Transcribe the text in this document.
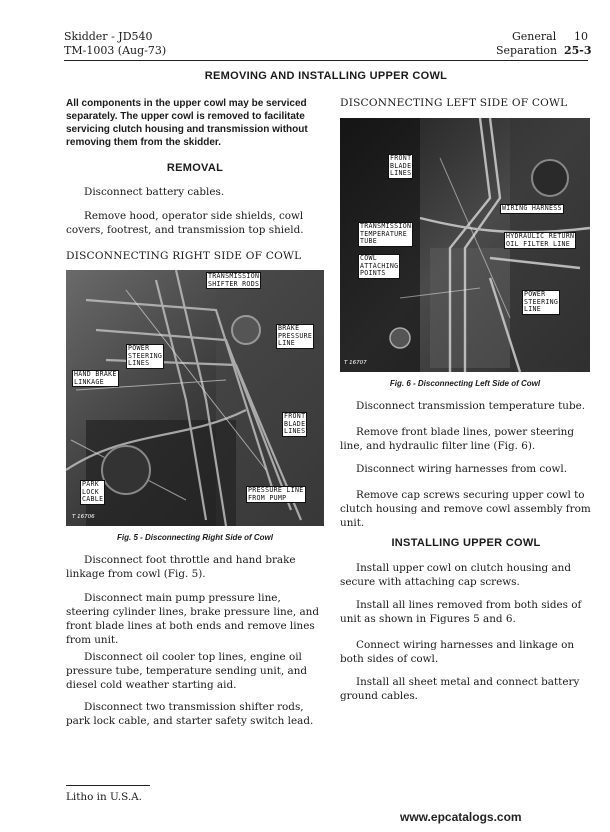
Skidder - JD540
TM-1003 (Aug-73)
General 10
Separation 25-3
REMOVING AND INSTALLING UPPER COWL
All components in the upper cowl may be serviced separately. The upper cowl is removed to facilitate servicing clutch housing and transmission without removing them from the skidder.
REMOVAL
Disconnect battery cables.
Remove hood, operator side shields, cowl covers, footrest, and transmission top shield.
DISCONNECTING RIGHT SIDE OF COWL
TRANSMISSION
SHIFTER RODS
BRAKE
PRESSURE
LINE
POWER
STEERING
LINES
HAND BRAKE
LINKAGE
FRONT
BLADE
LINES
PARK
LOCK
CABLE
PRESSURE LINE
FROM PUMP
T 16706
Fig. 5 - Disconnecting Right Side of Cowl
Disconnect foot throttle and hand brake linkage from cowl (Fig. 5).
Disconnect main pump pressure line, steering cylinder lines, brake pressure line, and front blade lines at both ends and remove lines from unit.
Disconnect oil cooler top lines, engine oil pressure tube, temperature sending unit, and diesel cold weather starting aid.
Disconnect two transmission shifter rods, park lock cable, and starter safety switch lead.
Litho in U.S.A.
DISCONNECTING LEFT SIDE OF COWL
FRONT
BLADE
LINES
WIRING HARNESS
TRANSMISSION
TEMPERATURE
TUBE
HYDRAULIC RETURN
OIL FILTER LINE
COWL
ATTACHING
POINTS
POWER
STEERING
LINE
T 16707
Fig. 6 - Disconnecting Left Side of Cowl
Disconnect transmission temperature tube.
Remove front blade lines, power steering line, and hydraulic filter line (Fig. 6).
Disconnect wiring harnesses from cowl.
Remove cap screws securing upper cowl to clutch housing and remove cowl assembly from unit.
INSTALLING UPPER COWL
Install upper cowl on clutch housing and secure with attaching cap screws.
Install all lines removed from both sides of unit as shown in Figures 5 and 6.
Connect wiring harnesses and linkage on both sides of cowl.
Install all sheet metal and connect battery ground cables.
www.epcatalogs.com
